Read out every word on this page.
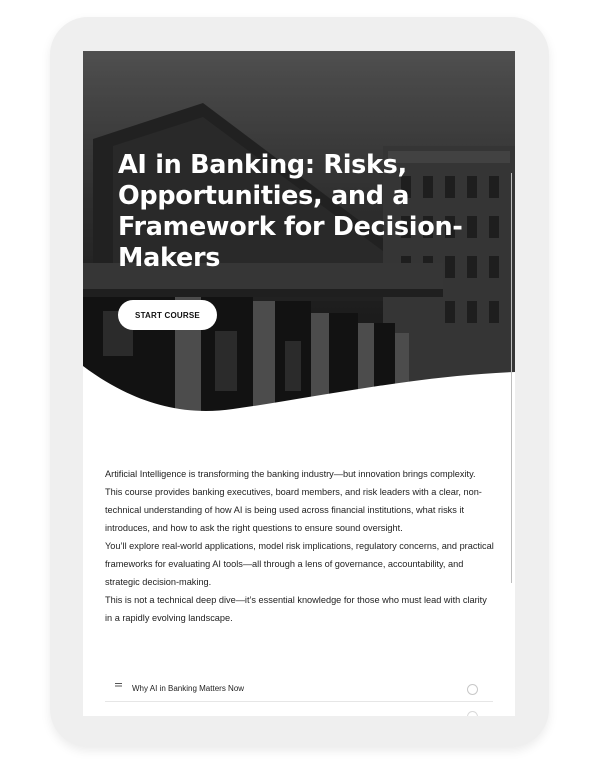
AI in Banking: Risks, Opportunities, and a Framework for Decision-Makers
START COURSE

Artificial Intelligence is transforming the banking industry—but innovation brings complexity. This course provides banking executives, board members, and risk leaders with a clear, non-technical understanding of how AI is being used across financial institutions, what risks it introduces, and how to ask the right questions to ensure sound oversight.

You’ll explore real-world applications, model risk implications, regulatory concerns, and practical frameworks for evaluating AI tools—all through a lens of governance, accountability, and strategic decision-making.

This is not a technical deep dive—it’s essential knowledge for those who must lead with clarity in a rapidly evolving landscape.

Why AI in Banking Matters Now
